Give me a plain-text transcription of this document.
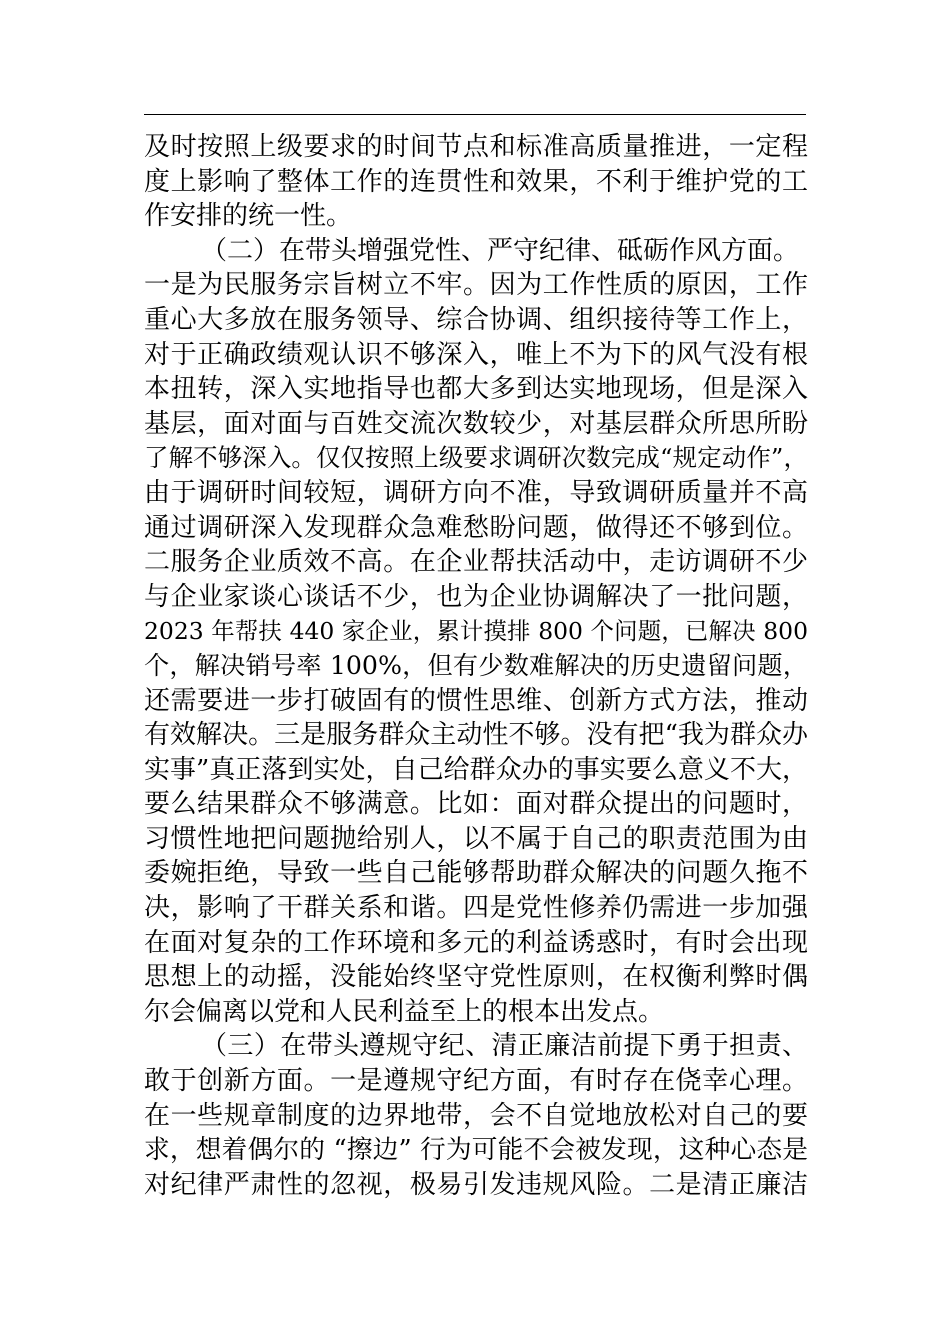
及时按照上级要求的时间节点和标准高质量推进，一定程
度上影响了整体工作的连贯性和效果，不利于维护党的工
作安排的统一性。
（二）在带头增强党性、严守纪律、砥砺作风方面。
一是为民服务宗旨树立不牢。因为工作性质的原因，工作
重心大多放在服务领导、综合协调、组织接待等工作上，
对于正确政绩观认识不够深入，唯上不为下的风气没有根
本扭转，深入实地指导也都大多到达实地现场，但是深入
基层，面对面与百姓交流次数较少，对基层群众所思所盼
了解不够深入。仅仅按照上级要求调研次数完成“规定动作”，
由于调研时间较短，调研方向不准，导致调研质量并不高
通过调研深入发现群众急难愁盼问题，做得还不够到位。
二服务企业质效不高。在企业帮扶活动中，走访调研不少
与企业家谈心谈话不少，也为企业协调解决了一批问题，
2023 年帮扶 440 家企业，累计摸排 800 个问题，已解决 800
个，解决销号率 100%，但有少数难解决的历史遗留问题，
还需要进一步打破固有的惯性思维、创新方式方法，推动
有效解决。三是服务群众主动性不够。没有把“我为群众办
实事”真正落到实处，自己给群众办的事实要么意义不大，
要么结果群众不够满意。比如：面对群众提出的问题时，
习惯性地把问题抛给别人，以不属于自己的职责范围为由
委婉拒绝，导致一些自己能够帮助群众解决的问题久拖不
决，影响了干群关系和谐。四是党性修养仍需进一步加强
在面对复杂的工作环境和多元的利益诱惑时，有时会出现
思想上的动摇，没能始终坚守党性原则，在权衡利弊时偶
尔会偏离以党和人民利益至上的根本出发点。
（三）在带头遵规守纪、清正廉洁前提下勇于担责、
敢于创新方面。一是遵规守纪方面，有时存在侥幸心理。
在一些规章制度的边界地带，会不自觉地放松对自己的要
求，想着偶尔的 “擦边” 行为可能不会被发现，这种心态是
对纪律严肃性的忽视，极易引发违规风险。二是清正廉洁
